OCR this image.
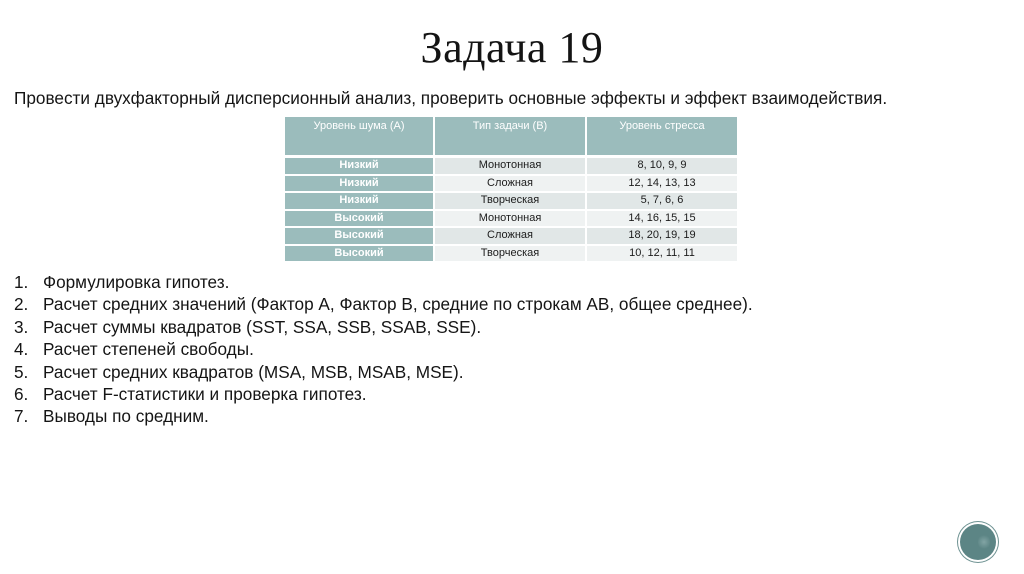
Задача 19
Провести двухфакторный дисперсионный анализ, проверить основные эффекты и эффект взаимодействия.
Уровень шума (А)	Тип задачи (B)	Уровень стресса
Низкий	Монотонная	8, 10, 9, 9
Низкий	Сложная	12, 14, 13, 13
Низкий	Творческая	5, 7, 6, 6
Высокий	Монотонная	14, 16, 15, 15
Высокий	Сложная	18, 20, 19, 19
Высокий	Творческая	10, 12, 11, 11
1. Формулировка гипотез.
2. Расчет средних значений (Фактор А, Фактор В, средние по строкам АВ, общее среднее).
3. Расчет суммы квадратов (SST, SSA, SSB, SSAB, SSE).
4. Расчет степеней свободы.
5. Расчет средних квадратов (MSA, MSB, MSAB, MSE).
6. Расчет F-статистики и проверка гипотез.
7. Выводы по средним.
